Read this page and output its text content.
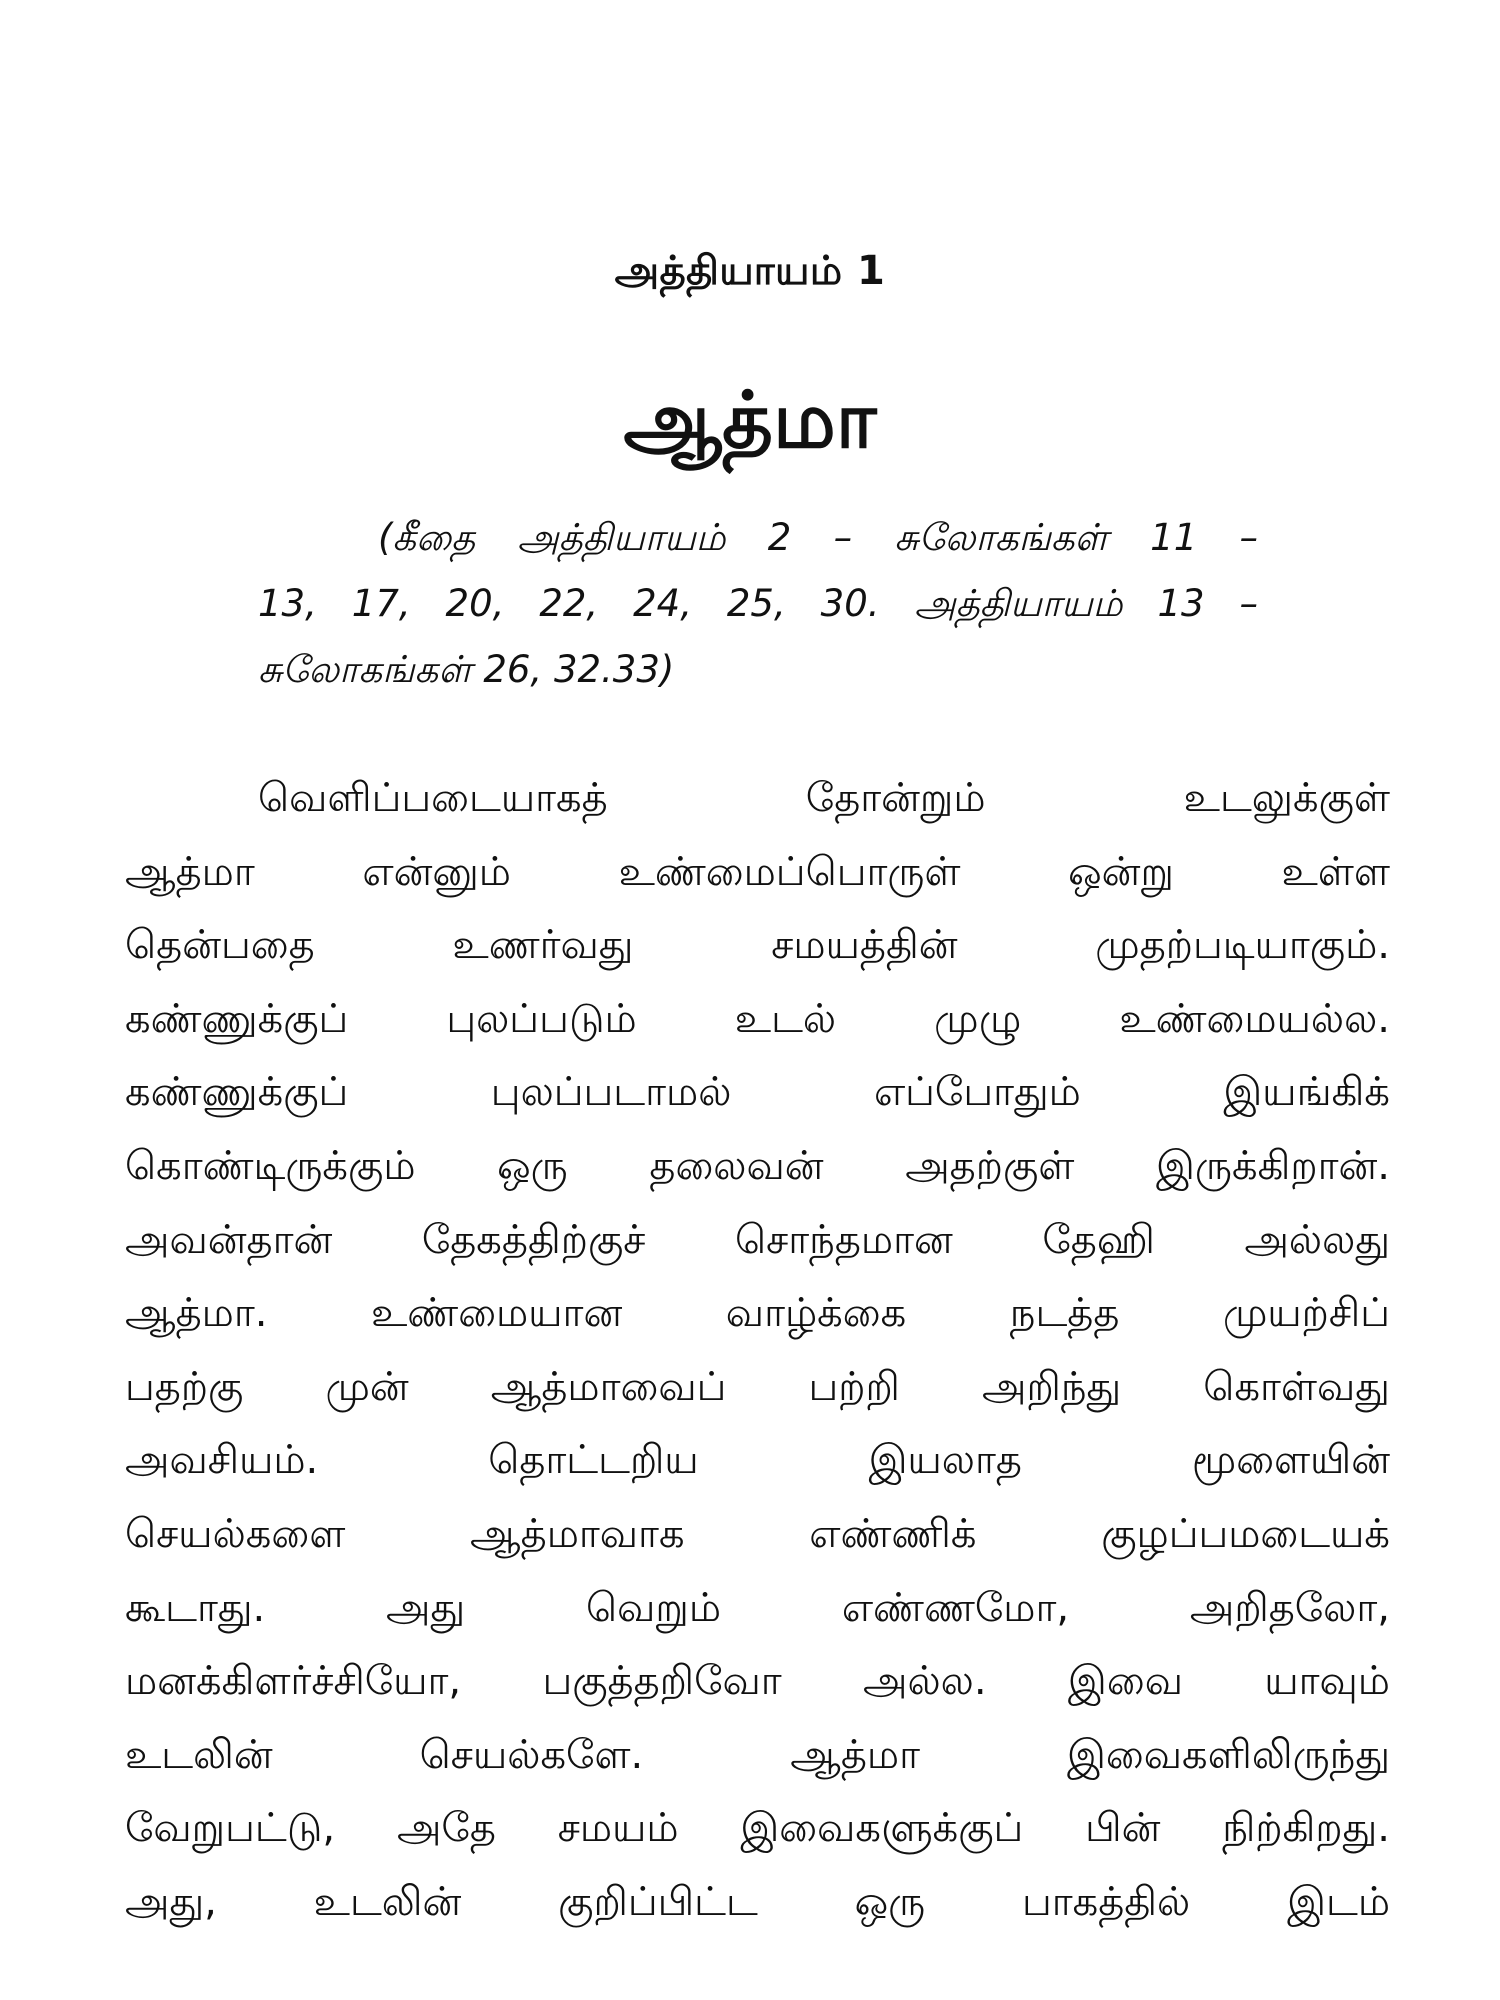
அத்தியாயம் 1
ஆத்மா
(கீதை அத்தியாயம் 2 – சுலோகங்கள் 11 –
13, 17, 20, 22, 24, 25, 30. அத்தியாயம் 13 –
சுலோகங்கள் 26, 32.33)
வெளிப்படையாகத் தோன்றும் உடலுக்குள்
ஆத்மா என்னும் உண்மைப்பொருள் ஒன்று உள்ள
தென்பதை உணர்வது சமயத்தின் முதற்படியாகும்.
கண்ணுக்குப் புலப்படும் உடல் முழு உண்மையல்ல.
கண்ணுக்குப் புலப்படாமல் எப்போதும் இயங்கிக்
கொண்டிருக்கும் ஒரு தலைவன் அதற்குள் இருக்கிறான்.
அவன்தான் தேகத்திற்குச் சொந்தமான தேஹி அல்லது
ஆத்மா. உண்மையான வாழ்க்கை நடத்த முயற்சிப்
பதற்கு முன் ஆத்மாவைப் பற்றி அறிந்து கொள்வது
அவசியம். தொட்டறிய இயலாத மூளையின்
செயல்களை ஆத்மாவாக எண்ணிக் குழப்பமடையக்
கூடாது. அது வெறும் எண்ணமோ, அறிதலோ,
மனக்கிளர்ச்சியோ, பகுத்தறிவோ அல்ல. இவை யாவும்
உடலின் செயல்களே. ஆத்மா இவைகளிலிருந்து
வேறுபட்டு, அதே சமயம் இவைகளுக்குப் பின் நிற்கிறது.
அது, உடலின் குறிப்பிட்ட ஒரு பாகத்தில் இடம்
